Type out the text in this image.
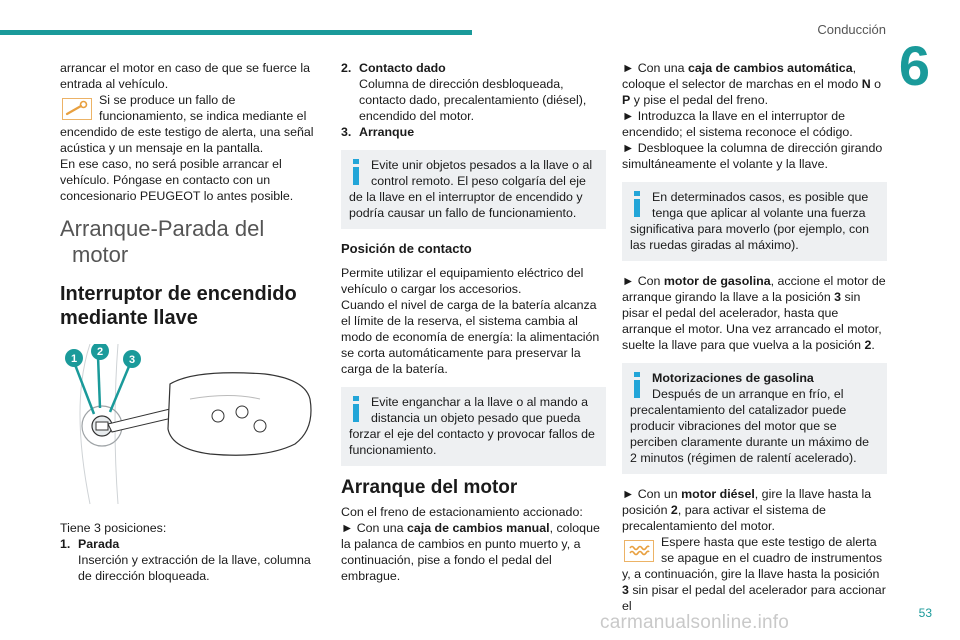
Conducción
6

arrancar el motor en caso de que se fuerce la entrada al vehículo.

Si se produce un fallo de funcionamiento, se indica mediante el encendido de este testigo de alerta, una señal acústica y un mensaje en la pantalla.

En ese caso, no será posible arrancar el vehículo. Póngase en contacto con un concesionario PEUGEOT lo antes posible.

Arranque-Parada del
motor
Interruptor de encendido mediante llave
1
2
3

Tiene 3 posiciones:

1. Parada

Inserción y extracción de la llave, columna de dirección bloqueada.

2. Contacto dado

Columna de dirección desbloqueada, contacto dado, precalentamiento (diésel), encendido del motor.

3. Arranque

Evite unir objetos pesados a la llave o al control remoto. El peso colgaría del eje de la llave en el interruptor de encendido y podría causar un fallo de funcionamiento.

Posición de contacto

Permite utilizar el equipamiento eléctrico del vehículo o cargar los accesorios.

Cuando el nivel de carga de la batería alcanza el límite de la reserva, el sistema cambia al modo de economía de energía: la alimentación se corta automáticamente para preservar la carga de la batería.

Evite enganchar a la llave o al mando a distancia un objeto pesado que pueda forzar el eje del contacto y provocar fallos de funcionamiento.

Arranque del motor

Con el freno de estacionamiento accionado:

► Con una caja de cambios manual, coloque la palanca de cambios en punto muerto y, a continuación, pise a fondo el pedal del embrague.

► Con una caja de cambios automática, coloque el selector de marchas en el modo N o P y pise el pedal del freno.

► Introduzca la llave en el interruptor de encendido; el sistema reconoce el código.

► Desbloquee la columna de dirección girando simultáneamente el volante y la llave.

En determinados casos, es posible que tenga que aplicar al volante una fuerza significativa para moverlo (por ejemplo, con las ruedas giradas al máximo).

► Con motor de gasolina, accione el motor de arranque girando la llave a la posición 3 sin pisar el pedal del acelerador, hasta que arranque el motor. Una vez arrancado el motor, suelte la llave para que vuelva a la posición 2.

Motorizaciones de gasolina

Después de un arranque en frío, el precalentamiento del catalizador puede producir vibraciones del motor que se perciben claramente durante un máximo de 2 minutos (régimen de ralentí acelerado).

► Con un motor diésel, gire la llave hasta la posición 2, para activar el sistema de precalentamiento del motor.

Espere hasta que este testigo de alerta se apague en el cuadro de instrumentos y, a continuación, gire la llave hasta la posición 3 sin pisar el pedal del acelerador para accionar el

carmanualsonline.info	53
